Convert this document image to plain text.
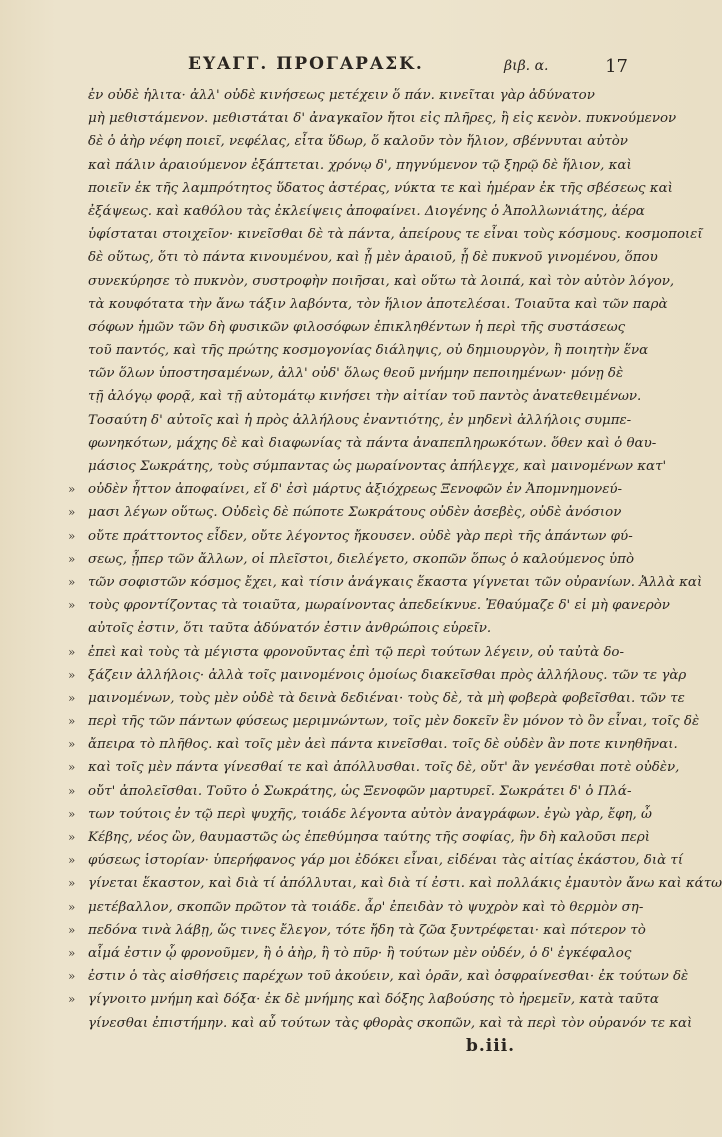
ΕΥΑΓΓ. ΠΡΟΓΑΡΑΣΚ.	βιβ. α.	17
ἐν οὐδὲ ἡλιτα· ἀλλ' οὐδὲ κινήσεως μετέχειν ὅ πάν. κινεῖται γὰρ ἀδύνατον
μὴ μεθιστάμενον. μεθιστάται δ' ἀναγκαῖον ἤτοι εἰς πλῆρες, ἢ εἰς κενὸν. πυκνούμενον
δὲ ὁ ἀὴρ νέφη ποιεῖ, νεφέλας, εἶτα ὕδωρ, ὅ καλοῦν τὸν ἥλιον, σβέννυται αὐτὸν
καὶ πάλιν ἀραιούμενον ἐξάπτεται. χρόνῳ δ', πηγνύμενον τῷ ξηρῷ δὲ ἥλιον, καὶ
ποιεῖν ἐκ τῆς λαμπρότητος ὕδατος ἀστέρας, νύκτα τε καὶ ἡμέραν ἐκ τῆς σβέσεως καὶ
ἐξάψεως. καὶ καθόλου τὰς ἐκλείψεις ἀποφαίνει. Διογένης ὁ Ἀπολλωνιάτης, ἀέρα
ὑφίσταται στοιχεῖον· κινεῖσθαι δὲ τὰ πάντα, ἀπείρους τε εἶναι τοὺς κόσμους. κοσμοποιεῖ
δὲ οὕτως, ὅτι τὸ πάντα κινουμένου, καὶ ᾗ μὲν ἀραιοῦ, ᾗ δὲ πυκνοῦ γινομένου, ὅπου
συνεκύρησε τὸ πυκνὸν, συστροφὴν ποιῆσαι, καὶ οὕτω τὰ λοιπά, καὶ τὸν αὐτὸν λόγον,
τὰ κουφότατα τὴν ἄνω τάξιν λαβόντα, τὸν ἥλιον ἀποτελέσαι. Τοιαῦτα καὶ τῶν παρὰ
σόφων ἡμῶν τῶν δὴ φυσικῶν φιλοσόφων ἐπικληθέντων ἡ περὶ τῆς συστάσεως
τοῦ παντός, καὶ τῆς πρώτης κοσμογονίας διάληψις, οὐ δημιουργὸν, ἢ ποιητὴν ἕνα
τῶν ὅλων ὑποστησαμένων, ἀλλ' οὐδ' ὅλως θεοῦ μνήμην πεποιημένων· μόνῃ δὲ
τῇ ἀλόγῳ φορᾷ, καὶ τῇ αὐτομάτῳ κινήσει τὴν αἰτίαν τοῦ παντὸς ἀνατεθειμένων.
Τοσαύτη δ' αὐτοῖς καὶ ἡ πρὸς ἀλλήλους ἐναντιότης, ἐν μηδενὶ ἀλλήλοις συμπε-
φωνηκότων, μάχης δὲ καὶ διαφωνίας τὰ πάντα ἀναπεπληρωκότων. ὅθεν καὶ ὁ θαυ-
μάσιος Σωκράτης, τοὺς σύμπαντας ὡς μωραίνοντας ἀπήλεγχε, καὶ μαινομένων κατ'
» οὐδὲν ἧττον ἀποφαίνει, εἴ δ' ἐσὶ μάρτυς ἀξιόχρεως Ξενοφῶν ἐν Ἀπομνημονεύ-
» μασι λέγων οὕτως. Οὐδεὶς δὲ πώποτε Σωκράτους οὐδὲν ἀσεβὲς, οὐδὲ ἀνόσιον
» οὔτε πράττοντος εἶδεν, οὔτε λέγοντος ἤκουσεν. οὐδὲ γὰρ περὶ τῆς ἁπάντων φύ-
» σεως, ᾗπερ τῶν ἄλλων, οἱ πλεῖστοι, διελέγετο, σκοπῶν ὅπως ὁ καλούμενος ὑπὸ
» τῶν σοφιστῶν κόσμος ἔχει, καὶ τίσιν ἀνάγκαις ἕκαστα γίγνεται τῶν οὐρανίων. Ἀλλὰ καὶ
» τοὺς φροντίζοντας τὰ τοιαῦτα, μωραίνοντας ἀπεδείκνυε. Ἐθαύμαζε δ' εἰ μὴ φανερὸν
αὐτοῖς ἐστιν, ὅτι ταῦτα ἀδύνατόν ἐστιν ἀνθρώποις εὑρεῖν.
» ἐπεὶ καὶ τοὺς τὰ μέγιστα φρονοῦντας ἐπὶ τῷ περὶ τούτων λέγειν, οὐ ταὐτὰ δο-
» ξάζειν ἀλλήλοις· ἀλλὰ τοῖς μαινομένοις ὁμοίως διακεῖσθαι πρὸς ἀλλήλους. τῶν τε γὰρ
» μαινομένων, τοὺς μὲν οὐδὲ τὰ δεινὰ δεδιέναι· τοὺς δὲ, τὰ μὴ φοβερὰ φοβεῖσθαι. τῶν τε
» περὶ τῆς τῶν πάντων φύσεως μεριμνώντων, τοῖς μὲν δοκεῖν ἓν μόνον τὸ ὂν εἶναι, τοῖς δὲ
» ἄπειρα τὸ πλῆθος. καὶ τοῖς μὲν ἀεὶ πάντα κινεῖσθαι. τοῖς δὲ οὐδὲν ἂν ποτε κινηθῆναι.
» καὶ τοῖς μὲν πάντα γίνεσθαί τε καὶ ἀπόλλυσθαι. τοῖς δὲ, οὔτ' ἂν γενέσθαι ποτὲ οὐδὲν,
» οὔτ' ἀπολεῖσθαι. Τοῦτο ὁ Σωκράτης, ὡς Ξενοφῶν μαρτυρεῖ. Σωκράτει δ' ὁ Πλά-
» των τούτοις ἐν τῷ περὶ ψυχῆς, τοιάδε λέγοντα αὐτὸν ἀναγράφων. ἐγὼ γὰρ, ἔφη, ὦ
» Κέβης, νέος ὢν, θαυμαστῶς ὡς ἐπεθύμησα ταύτης τῆς σοφίας, ἣν δὴ καλοῦσι περὶ
» φύσεως ἱστορίαν· ὑπερήφανος γάρ μοι ἐδόκει εἶναι, εἰδέναι τὰς αἰτίας ἑκάστου, διὰ τί
» γίνεται ἕκαστον, καὶ διὰ τί ἀπόλλυται, καὶ διὰ τί ἐστι. καὶ πολλάκις ἐμαυτὸν ἄνω καὶ κάτω
» μετέβαλλον, σκοπῶν πρῶτον τὰ τοιάδε. ἆρ' ἐπειδὰν τὸ ψυχρὸν καὶ τὸ θερμὸν ση-
» πεδόνα τινὰ λάβῃ, ὥς τινες ἔλεγον, τότε ἤδη τὰ ζῶα ξυντρέφεται· καὶ πότερον τὸ
» αἷμά ἐστιν ᾧ φρονοῦμεν, ἢ ὁ ἀὴρ, ἢ τὸ πῦρ· ἢ τούτων μὲν οὐδέν, ὁ δ' ἐγκέφαλος
» ἐστιν ὁ τὰς αἰσθήσεις παρέχων τοῦ ἀκούειν, καὶ ὁρᾶν, καὶ ὀσφραίνεσθαι· ἐκ τούτων δὲ
» γίγνοιτο μνήμη καὶ δόξα· ἐκ δὲ μνήμης καὶ δόξης λαβούσης τὸ ἠρεμεῖν, κατὰ ταῦτα
γίνεσθαι ἐπιστήμην. καὶ αὖ τούτων τὰς φθορὰς σκοπῶν, καὶ τὰ περὶ τὸν οὐρανόν τε καὶ
b.iii.
